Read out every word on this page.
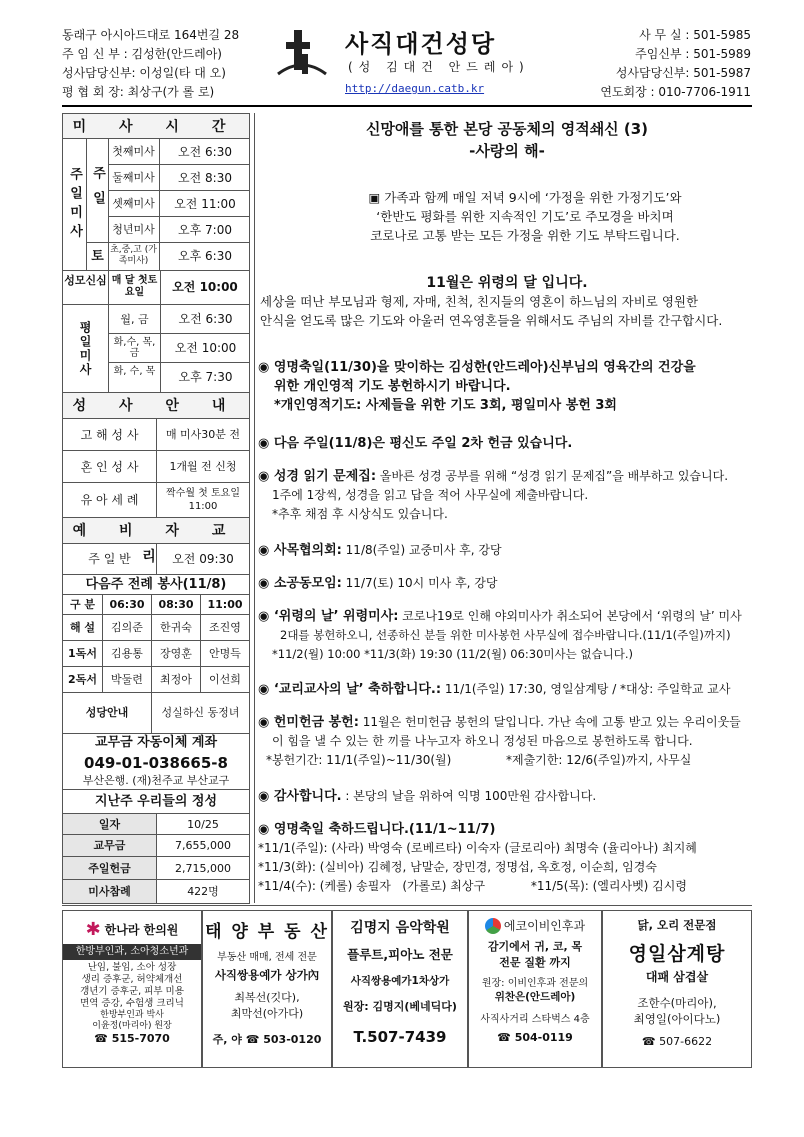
동래구 아시아드대로 164번길 28
주 임 신 부 : 김성한(안드레아)
성사담당신부: 이성일(타 대 오)
평 협 회 장: 최상구(가 롤 로)
사직대건성당
(성 김대건 안드레아)
http://daegun.catb.kr
사 무 실 : 501-5985
주임신부 : 501-5989
성사담당신부: 501-5987
연도회장 : 010-7706-1911
주일미사 주일
토
첫째미사	오전 6:30
둘째미사	오전 8:30
셋째미사	오전 11:00
청년미사	오후 7:00
초,중,고 (가족미사)	오후 6:30
성모신심 매 달 첫토요일	오전 10:00
평일미사
월, 금	오전 6:30
화,수, 목,금	오전 10:00
화, 수, 목	오후 7:30
성 사 안 내
고 해 성 사	매 미사30분 전
혼 인 성 사	1개월 전 신청
유 아 세 례	짝수월 첫 토요일 11:00
예 비 자 교 리
주 일 반	오전 09:30
다음주 전례 봉사(11/8)
구 분	06:30	08:30	11:00
해 설	김의준	한귀숙	조진영
1독서	김용통	장영훈	안명득
2독서	박둘련	최정아	이선희
성당안내	성실하신 동정녀
교무금 자동이체 계좌
049-01-038665-8
부산은행. (재)천주교 부산교구
지난주 우리들의 정성
일자	10/25
교무금	7,655,000
주일헌금	2,715,000
미사참례	422명
신망애를 통한 본당 공동체의 영적쇄신 (3)
-사랑의 해-
▣ 가족과 함께 매일 저녁 9시에 ‘가정을 위한 가정기도’와
‘한반도 평화를 위한 지속적인 기도’로 주모경을 바치며
코로나로 고통 받는 모든 가정을 위한 기도 부탁드립니다.
11월은 위령의 달 입니다.
세상을 떠난 부모님과 형제, 자매, 친척, 친지들의 영혼이 하느님의 자비로 영원한
안식을 얻도록 많은 기도와 아울러 연옥영혼들을 위해서도 주님의 자비를 간구합시다.
◉ 영명축일(11/30)을 맞이하는 김성한(안드레아)신부님의 영육간의 건강을
위한 개인영적 기도 봉헌하시기 바랍니다.
*개인영적기도: 사제들을 위한 기도 3회, 평일미사 봉헌 3회
◉ 다음 주일(11/8)은 평신도 주일 2차 헌금 있습니다.
◉ 성경 읽기 문제집: 올바른 성경 공부를 위해 “성경 읽기 문제집”을 배부하고 있습니다.
1주에 1장씩, 성경을 읽고 답을 적어 사무실에 제출바랍니다.
*추후 채점 후 시상식도 있습니다.
◉ 사목협의회: 11/8(주일) 교중미사 후, 강당
◉ 소공동모임: 11/7(토) 10시 미사 후, 강당
◉ ‘위령의 날’ 위령미사: 코로나19로 인해 야외미사가 취소되어 본당에서 ‘위령의 날’ 미사
2대를 봉헌하오니, 선종하신 분들 위한 미사봉헌 사무실에 접수바랍니다.(11/1(주일)까지)
*11/2(월) 10:00 *11/3(화) 19:30 (11/2(월) 06:30미사는 없습니다.)
◉ ‘교리교사의 날’ 축하합니다.: 11/1(주일) 17:30, 영일삼계탕 / *대상: 주일학교 교사
◉ 헌미헌금 봉헌: 11월은 헌미헌금 봉헌의 달입니다. 가난 속에 고통 받고 있는 우리이웃들
이 힘을 낼 수 있는 한 끼를 나누고자 하오니 정성된 마음으로 봉헌하도록 합니다.
*봉헌기간: 11/1(주일)~11/30(월)	*제출기한: 12/6(주일)까지, 사무실
◉ 감사합니다. : 본당의 날을 위하여 익명 100만원 감사합니다.
◉ 영명축일 축하드립니다.(11/1~11/7)
*11/1(주일): (사라) 박영숙 (로베르타) 이숙자 (글로리아) 최명숙 (율리아나) 최지혜
*11/3(화): (실비아) 김혜정, 남말순, 장민경, 정명섭, 옥호정, 이순희, 임경숙
*11/4(수): (케롤) 송필자   (가롤로) 최상구            *11/5(목): (엘리사벳) 김시령
✱ 한나라 한의원
한방부인과, 소아청소년과
난임, 불임, 소아 성장
생리 증후군, 허약체개선
갱년기 증후군, 피부 미용
면역 증강, 수험생 크리닉
한방부인과 박사
이윤정(마리아) 원장
☎ 515-7070
태 양 부 동 산
부동산 매매, 전세 전문
사직쌍용예가 상가內
최복선(깃다),
최막선(아가다)
주, 야 ☎ 503-0120
김명지 음악학원
플루트,피아노 전문
사직쌍용예가1차상가
원장: 김명지(베네딕다)
T.507-7439
에코이비인후과
감기에서 귀, 코, 목
전문 질환 까지
원장: 이비인후과 전문의
위찬은(안드레아)
사직사거리 스타벅스 4층
☎ 504-0119
닭, 오리 전문점
영일삼계탕
대패 삼겹살
조한수(마리아),
최영일(아이다노)
☎ 507-6622
미 사 시 간
